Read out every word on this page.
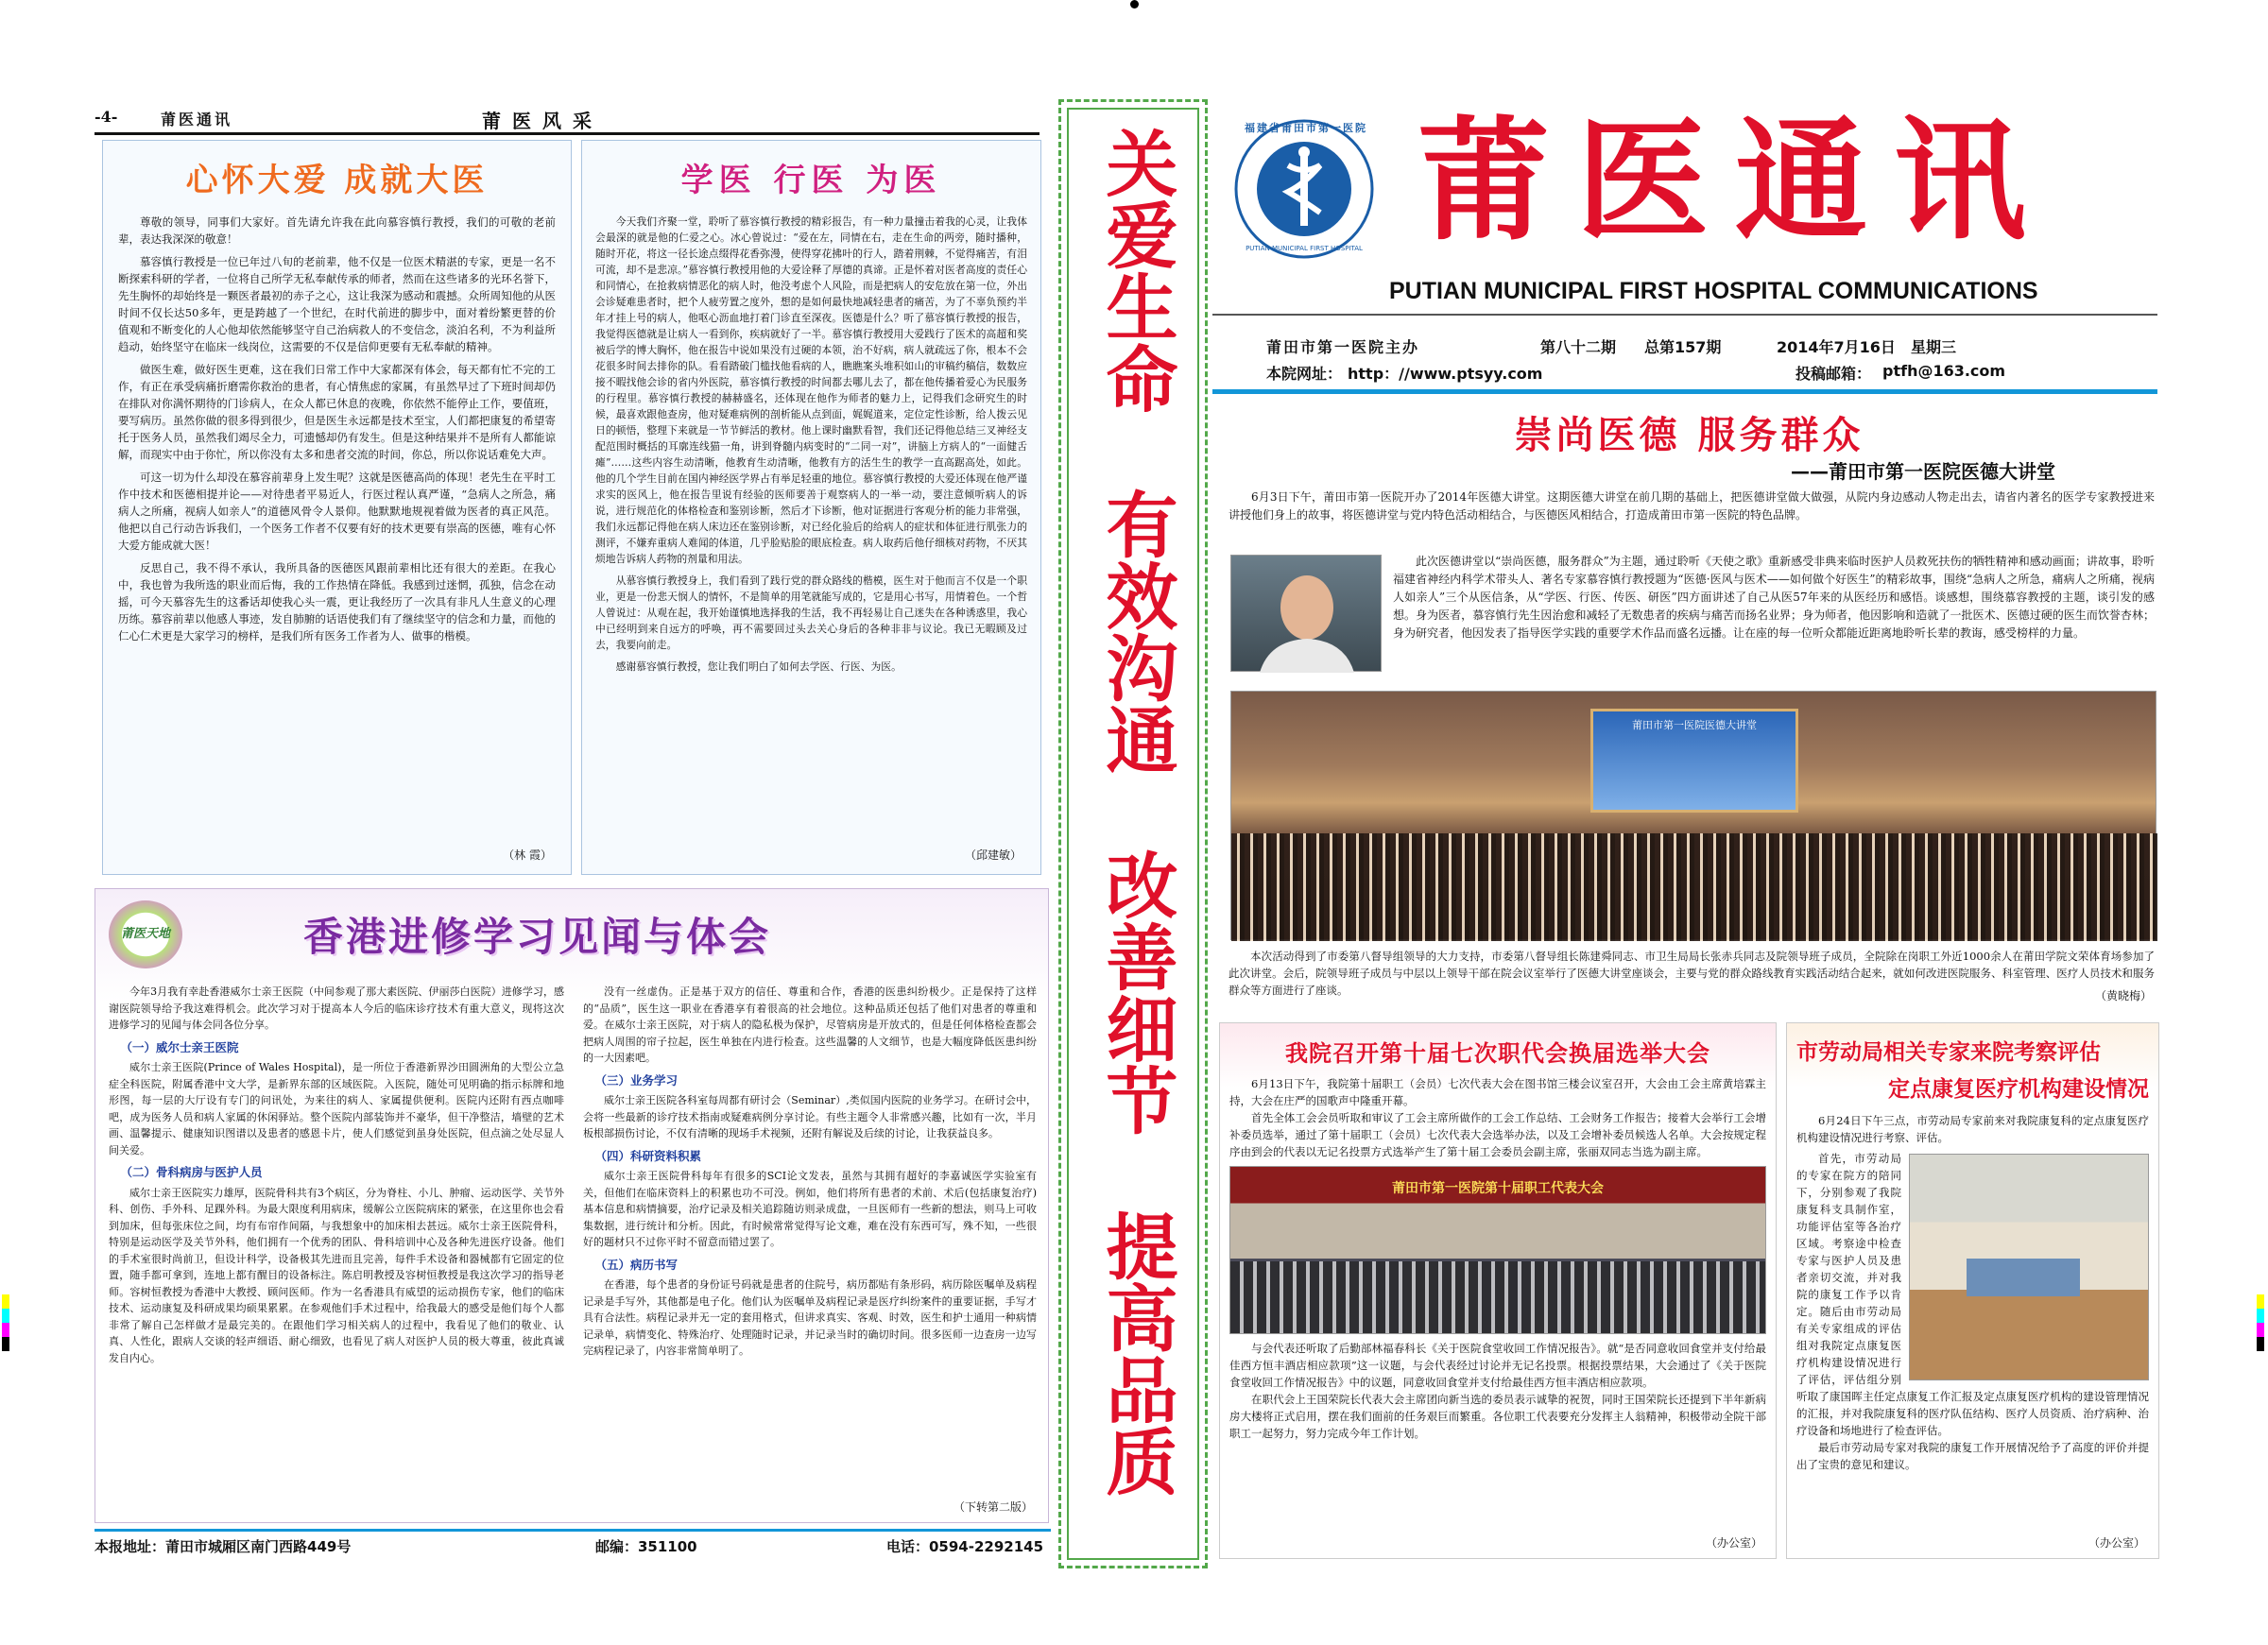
-4-	莆医通讯	莆医风采
心怀大爱 成就大医

尊敬的领导，同事们大家好。首先请允许我在此向慕容慎行教授，我们的可敬的老前辈，表达我深深的敬意！

慕容慎行教授是一位已年过八旬的老前辈，他不仅是一位医术精湛的专家，更是一名不断探索科研的学者，一位将自己所学无私奉献传承的师者，然而在这些诸多的光环名誉下，先生胸怀的却始终是一颗医者最初的赤子之心，这让我深为感动和震撼。众所周知他的从医时间不仅长达50多年，更是跨越了一个世纪，在时代前进的脚步中，面对着纷繁更替的价值观和不断变化的人心他却依然能够坚守自己治病救人的不变信念，淡泊名利，不为利益所趋动，始终坚守在临床一线岗位，这需要的不仅是信仰更要有无私奉献的精神。

做医生难，做好医生更难，这在我们日常工作中大家都深有体会，每天都有忙不完的工作，有正在承受病痛折磨需你救治的患者，有心情焦虑的家属，有虽然早过了下班时间却仍在排队对你满怀期待的门诊病人，在众人都已休息的夜晚，你依然不能停止工作，要值班，要写病历。虽然你做的很多得到很少，但是医生永远都是技术至宝，人们都把康复的希望寄托于医务人员，虽然我们竭尽全力，可遗憾却仍有发生。但是这种结果并不是所有人都能谅解，而现实中由于你忙，所以你没有太多和患者交流的时间，你总，所以你说话难免大声。

可这一切为什么却没在慕容前辈身上发生呢？这就是医德高尚的体现！老先生在平时工作中技术和医德相提并论——对待患者平易近人，行医过程认真严谨，“急病人之所急，痛病人之所痛，视病人如亲人”的道德风骨令人景仰。他默默地规视着做为医者的真正风范。他把以自己行动告诉我们，一个医务工作者不仅要有好的技术更要有崇高的医德，唯有心怀大爱方能成就大医！

反思自己，我不得不承认，我所具备的医德医风跟前辈相比还有很大的差距。在我心中，我也曾为我所选的职业而后悔，我的工作热情在降低。我感到过迷惘，孤独，信念在动摇，可今天慕容先生的这番话却使我心头一震，更让我经历了一次具有非凡人生意义的心理历练。慕容前辈以他感人事迹，发自肺腑的话语使我们有了继续坚守的信念和力量，而他的仁心仁术更是大家学习的榜样，是我们所有医务工作者为人、做事的楷模。

（林 霞）
学医 行医 为医

今天我们齐聚一堂，聆听了慕容慎行教授的精彩报告，有一种力量撞击着我的心灵，让我体会最深的就是他的仁爱之心。冰心曾说过：“爱在左，同情在右，走在生命的两旁，随时播种，随时开花，将这一径长途点缀得花香弥漫，使得穿花拂叶的行人，踏着荆棘，不觉得痛苦，有泪可流，却不是悲凉。”慕容慎行教授用他的大爱诠释了厚德的真谛。正是怀着对医者高度的责任心和同情心，在抢救病情恶化的病人时，他没考虑个人风险，而是把病人的安危放在第一位，外出会诊疑难患者时，把个人疲劳置之度外，想的是如何最快地减轻患者的痛苦，为了不辜负预约半年才挂上号的病人，他呕心沥血地打着门诊直至深夜。医德是什么？听了慕容慎行教授的报告，我觉得医德就是让病人一看到你，疾病就好了一半。慕容慎行教授用大爱践行了医术的高超和奖被后学的博大胸怀，他在报告中说如果没有过硬的本领，治不好病，病人就疏远了你，根本不会花很多时间去排你的队。看看踏破门槛找他看病的人，瞧瞧案头堆积如山的审稿约稿信，数数应接不暇找他会诊的省内外医院，慕容慎行教授的时间都去哪儿去了，都在他传播着爱心为民服务的行程里。慕容慎行教授的赫赫盛名，还体现在他作为师者的魅力上，记得我们念研究生的时候，最喜欢跟他查房，他对疑难病例的剖析能从点到面，娓娓道来，定位定性诊断，给人拨云见日的顿悟，整理下来就是一节节鲜活的教材。他上课时幽默看智，我们还记得他总结三叉神经支配范围时概括的耳廓连线猫一角，讲到脊髓内病变时的“二同一对”，讲脑上方病人的“一面健舌瘫”……这些内容生动清晰，他教育生动清晰，他教有方的活生生的教学一直高踞高处，如此。他的几个学生目前在国内神经医学界占有举足轻重的地位。慕容慎行教授的大爱还体现在他严谨求实的医风上，他在报告里说有经验的医师要善于观察病人的一举一动，要注意倾听病人的诉说，进行规范化的体格检查和鉴别诊断，然后才下诊断，他对证据进行客观分析的能力非常强，我们永远都记得他在病人床边还在鉴别诊断，对已经化验后的给病人的症状和体征进行肌张力的测评，不嫌弃重病人难闻的体道，几乎脸贴脸的眼底检查。病人取药后他仔细核对药物，不厌其烦地告诉病人药物的剂量和用法。

从慕容慎行教授身上，我们看到了践行党的群众路线的楷模，医生对于他而言不仅是一个职业，更是一份悲天悯人的情怀，不是简单的用笔就能写成的，它是用心书写，用情着色。一个哲人曾说过：从观在起，我开始谨慎地选择我的生活，我不再轻易让自己迷失在各种诱惑里，我心中已经明到来自远方的呼唤，再不需要回过头去关心身后的各种非非与议论。我已无暇顾及过去，我要向前走。

感谢慕容慎行教授，您让我们明白了如何去学医、行医、为医。

（邱建敏）
莆医天地	香港进修学习见闻与体会

今年3月我有幸赴香港威尔士亲王医院（中间参观了那大素医院、伊丽莎白医院）进修学习，感谢医院领导给予我这难得机会。此次学习对于提高本人今后的临床诊疗技术有重大意义，现将这次进修学习的见闻与体会同各位分享。

（一）威尔士亲王医院

威尔士亲王医院(Prince of Wales Hospital)，是一所位于香港新界沙田圆洲角的大型公立急症全科医院，附属香港中文大学，是新界东部的区域医院。入医院，随处可见明确的指示标牌和地形图，每一层的大厅设有专门的问讯处，为来往的病人、家属提供便利。医院内还附有西点咖啡吧，成为医务人员和病人家属的休闲驿站。整个医院内部装饰并不豪华，但干净整洁，墙壁的艺术画、温馨提示、健康知识图谱以及患者的感恩卡片，使人们感觉到虽身处医院，但点滴之处尽显人间关爱。

（二）骨科病房与医护人员

威尔士亲王医院实力雄厚，医院骨科共有3个病区，分为脊柱、小儿、肿瘤、运动医学、关节外科、创伤、手外科、足踝外科。为最大限度利用病床，缓解公立医院病床的紧张，在这里你也会看到加床，但每张床位之间，均有布帘作间隔，与我想象中的加床相去甚远。威尔士亲王医院骨科，特别是运动医学及关节外科，他们拥有一个优秀的团队、骨科培训中心及各种先进医疗设备。他们的手术室很时尚前卫，但设计科学，设备极其先进而且完善，每件手术设备和器械都有它固定的位置，随手都可拿到，连地上都有醒目的设备标注。陈启明教授及容树恒教授是我这次学习的指导老师。容树恒教授为香港中大教授、顾问医师。作为一名香港具有威望的运动损伤专家，他们的临床技术、运动康复及科研成果均硕果累累。在参观他们手术过程中，给我最大的感受是他们每个人都非常了解自己怎样做才是最完美的。在跟他们学习相关病人的过程中，我看见了他们的敬业、认真、人性化，跟病人交谈的轻声细语、耐心细致，也看见了病人对医护人员的极大尊重，彼此真诚发自内心。

没有一丝虚伪。正是基于双方的信任、尊重和合作，香港的医患纠纷极少。正是保持了这样的“品质”，医生这一职业在香港享有着很高的社会地位。这种品质还包括了他们对患者的尊重和爱。在威尔士亲王医院，对于病人的隐私极为保护，尽管病房是开放式的，但是任何体格检查都会把病人周围的帘子拉起，医生单独在内进行检查。这些温馨的人文细节，也是大幅度降低医患纠纷的一大因素吧。

（三）业务学习

威尔士亲王医院各科室每周都有研讨会（Seminar）,类似国内医院的业务学习。在研讨会中，会将一些最新的诊疗技术指南或疑难病例分享讨论。有些主题令人非常感兴趣，比如有一次，半月板根部损伤讨论，不仅有清晰的现场手术视频，还附有解说及后续的讨论，让我获益良多。

（四）科研资料积累

威尔士亲王医院骨科每年有很多的SCI论文发表，虽然与其拥有超好的李嘉诚医学实验室有关，但他们在临床资料上的积累也功不可没。例如，他们将所有患者的术前、术后(包括康复治疗)基本信息和病情摘要，治疗记录及相关追踪随访则录成盘，一旦医师有一些新的想法，则马上可收集数据，进行统计和分析。因此，有时候常常觉得写论文难，难在没有东西可写，殊不知，一些很好的题材只不过你平时不留意而错过罢了。

（五）病历书写

在香港，每个患者的身份证号码就是患者的住院号，病历都贴有条形码，病历除医嘱单及病程记录是手写外，其他都是电子化。他们认为医嘱单及病程记录是医疗纠纷案件的重要证据，手写才具有合法性。病程记录并无一定的套用格式，但讲求真实、客观、时效，医生和护士通用一种病情记录单，病情变化、特殊治疗、处理随时记录，并记录当时的确切时间。很多医师一边查房一边写完病程记录了，内容非常简单明了。

（下转第二版）
本报地址：莆田市城厢区南门西路449号	邮编：351100	电话：0594-2292145
关爱生命
有效沟通
改善细节
提高品质
福建省莆田市第一医院
PUTIAN MUNICIPAL FIRST HOSPITAL 莆医通讯
PUTIAN MUNICIPAL FIRST HOSPITAL COMMUNICATIONS
莆田市第一医院主办	第八十二期 总第157期	2014年7月16日 星期三
本院网址： http：//www.ptsyy.com	投稿邮箱： ptfh@163.com
崇尚医德 服务群众
——莆田市第一医院医德大讲堂
6月3日下午，莆田市第一医院开办了2014年医德大讲堂。这期医德大讲堂在前几期的基础上，把医德讲堂做大做强，从院内身边感动人物走出去，请省内著名的医学专家教授进来讲授他们身上的故事，将医德讲堂与党内特色活动相结合，与医德医风相结合，打造成莆田市第一医院的特色品牌。
此次医德讲堂以“崇尚医德，服务群众”为主题，通过聆听《天使之歌》重新感受非典来临时医护人员救死扶伤的牺牲精神和感动画面；讲故事，聆听福建省神经内科学术带头人、著名专家慕容慎行教授题为“医德·医风与医术——如何做个好医生”的精彩故事，围绕“急病人之所急，痛病人之所痛，视病人如亲人”三个从医信条，从“学医、行医、传医、研医”四方面讲述了自己从医57年来的从医经历和感悟。谈感想，围绕慕容教授的主题，谈引发的感想。身为医者，慕容慎行先生因治愈和减轻了无数患者的疾病与痛苦而扬名业界；身为师者，他因影响和造就了一批医术、医德过硬的医生而饮誉杏林；身为研究者，他因发表了指导医学实践的重要学术作品而盛名远播。让在座的每一位听众都能近距离地聆听长辈的教诲，感受榜样的力量。
莆田市第一医院医德大讲堂
本次活动得到了市委第八督导组领导的大力支持，市委第八督导组长陈建舜同志、市卫生局局长张赤兵同志及院领导班子成员，全院除在岗职工外近1000余人在莆田学院文荣体育场参加了此次讲堂。会后，院领导班子成员与中层以上领导干部在院会议室举行了医德大讲堂座谈会，主要与党的群众路线教育实践活动结合起来，就如何改进医院服务、科室管理、医疗人员技术和服务群众等方面进行了座谈。	（黄晓梅）
我院召开第十届七次职代会换届选举大会
6月13日下午，我院第十届职工（会员）七次代表大会在图书馆三楼会议室召开，大会由工会主席黄培霖主持，大会在庄严的国歌声中隆重开幕。
首先全体工会会员听取和审议了工会主席所做作的工会工作总结、工会财务工作报告；接着大会举行工会增补委员选举，通过了第十届职工（会员）七次代表大会选举办法，以及工会增补委员候选人名单。大会按规定程序由到会的代表以无记名投票方式选举产生了第十届工会委员会副主席，张丽双同志当选为副主席。
莆田市第一医院第十届职工代表大会
与会代表还听取了后勤部林福春科长《关于医院食堂收回工作情况报告》。就“是否同意收回食堂并支付给最佳西方恒丰酒店相应款项”这一议题，与会代表经过讨论并无记名投票。根据投票结果，大会通过了《关于医院食堂收回工作情况报告》中的议题，同意收回食堂并支付给最佳西方恒丰酒店相应款项。
在职代会上王国荣院长代表大会主席团向新当选的委员表示诚挚的祝贺，同时王国荣院长还提到下半年新病房大楼将正式启用，摆在我们面前的任务艰巨而繁重。各位职工代表要充分发挥主人翁精神，积极带动全院干部职工一起努力，努力完成今年工作计划。
（办公室）
市劳动局相关专家来院考察评估
定点康复医疗机构建设情况
6月24日下午三点，市劳动局专家前来对我院康复科的定点康复医疗机构建设情况进行考察、评估。
首先，市劳动局的专家在院方的陪同下，分别参观了我院康复科支具制作室，功能评估室等各治疗区域。考察途中检查专家与医护人员及患者亲切交流，并对我院的康复工作予以肯定。随后由市劳动局有关专家组成的评估组对我院定点康复医疗机构建设情况进行了评估，评估组分别听取了康国晖主任定点康复工作汇报及定点康复医疗机构的建设管理情况的汇报，并对我院康复科的医疗队伍结构、医疗人员资质、治疗病种、治疗设备和场地进行了检查评估。
最后市劳动局专家对我院的康复工作开展情况给予了高度的评价并提出了宝贵的意见和建议。
（办公室）
